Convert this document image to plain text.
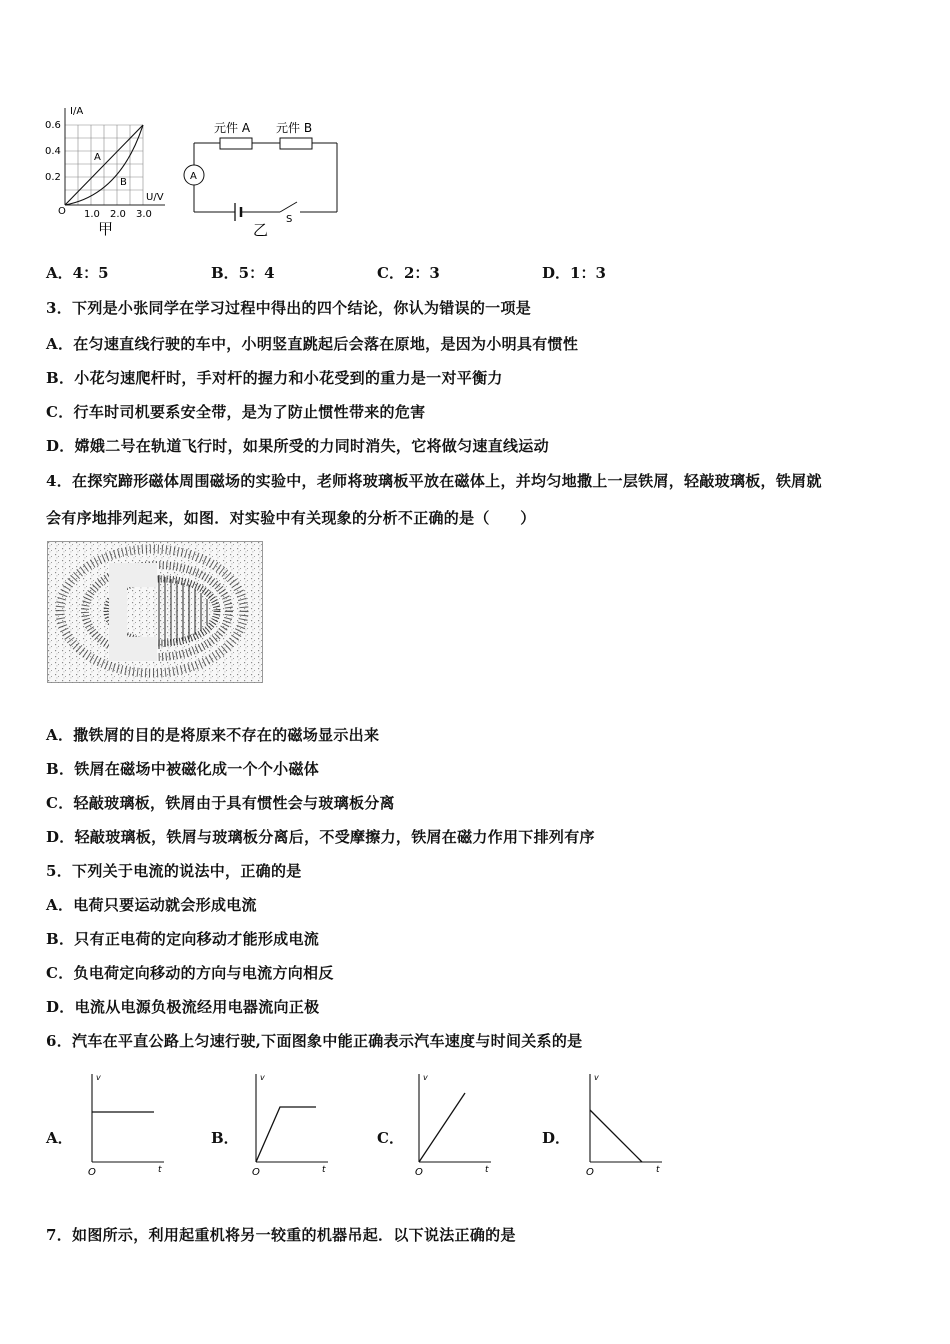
I/A
U/V
0.6
0.4
0.2
1.0 2.0 3.0
O
A
B
甲
A
元件 A 元件 B
S
乙
A．4：5	B．5：4	C．2：3	D．1：3
3．下列是小张同学在学习过程中得出的四个结论，你认为错误的一项是
A．在匀速直线行驶的车中，小明竖直跳起后会落在原地，是因为小明具有惯性
B．小花匀速爬杆时，手对杆的握力和小花受到的重力是一对平衡力
C．行车时司机要系安全带，是为了防止惯性带来的危害
D．嫦娥二号在轨道飞行时，如果所受的力同时消失，它将做匀速直线运动
4．在探究蹄形磁体周围磁场的实验中，老师将玻璃板平放在磁体上，并均匀地撒上一层铁屑，轻敲玻璃板，铁屑就
会有序地排列起来，如图．对实验中有关现象的分析不正确的是（　　）
A．撒铁屑的目的是将原来不存在的磁场显示出来
B．铁屑在磁场中被磁化成一个个小磁体
C．轻敲玻璃板，铁屑由于具有惯性会与玻璃板分离
D．轻敲玻璃板，铁屑与玻璃板分离后，不受摩擦力，铁屑在磁力作用下排列有序
5．下列关于电流的说法中，正确的是
A．电荷只要运动就会形成电流
B．只有正电荷的定向移动才能形成电流
C．负电荷定向移动的方向与电流方向相反
D．电流从电源负极流经用电器流向正极
6．汽车在平直公路上匀速行驶,下面图象中能正确表示汽车速度与时间关系的是
A．
v
t
O
B．
v
t
O
C．
v
t
O
D．
v
t
O
7．如图所示，利用起重机将另一较重的机器吊起．以下说法正确的是
